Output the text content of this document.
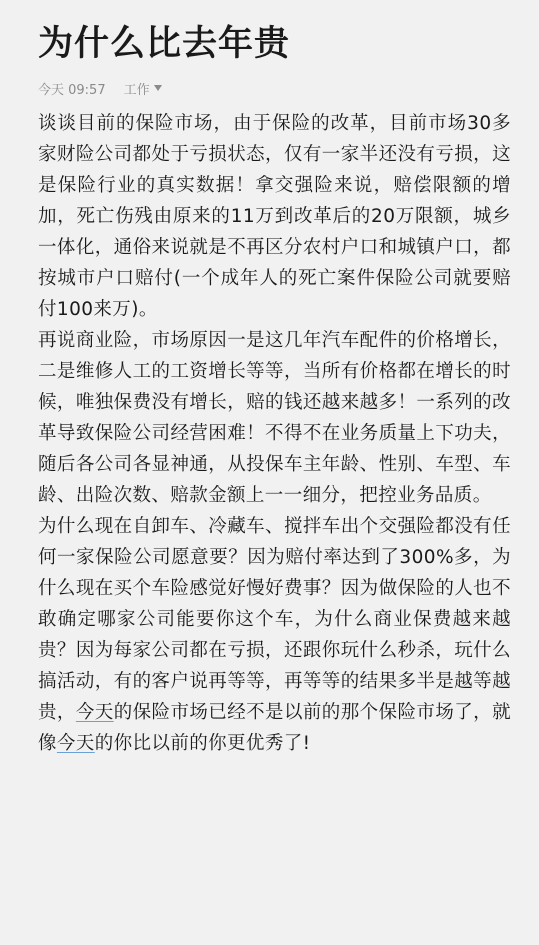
为什么比去年贵
今天 09:57 工作

谈谈目前的保险市场，由于保险的改革，目前市场30多家财险公司都处于亏损状态，仅有一家半还没有亏损，这是保险行业的真实数据！拿交强险来说，赔偿限额的增加，死亡伤残由原来的11万到改革后的20万限额，城乡一体化，通俗来说就是不再区分农村户口和城镇户口，都按城市户口赔付(一个成年人的死亡案件保险公司就要赔付100来万)。

再说商业险，市场原因一是这几年汽车配件的价格增长，二是维修人工的工资增长等等，当所有价格都在增长的时候，唯独保费没有增长，赔的钱还越来越多！一系列的改革导致保险公司经营困难！不得不在业务质量上下功夫，随后各公司各显神通，从投保车主年龄、性别、车型、车龄、出险次数、赔款金额上一一细分，把控业务品质。

为什么现在自卸车、冷藏车、搅拌车出个交强险都没有任何一家保险公司愿意要？因为赔付率达到了300%多，为什么现在买个车险感觉好慢好费事？因为做保险的人也不敢确定哪家公司能要你这个车，为什么商业保费越来越贵？因为每家公司都在亏损，还跟你玩什么秒杀，玩什么搞活动，有的客户说再等等，再等等的结果多半是越等越贵，今天的保险市场已经不是以前的那个保险市场了，就像今天的你比以前的你更优秀了!
